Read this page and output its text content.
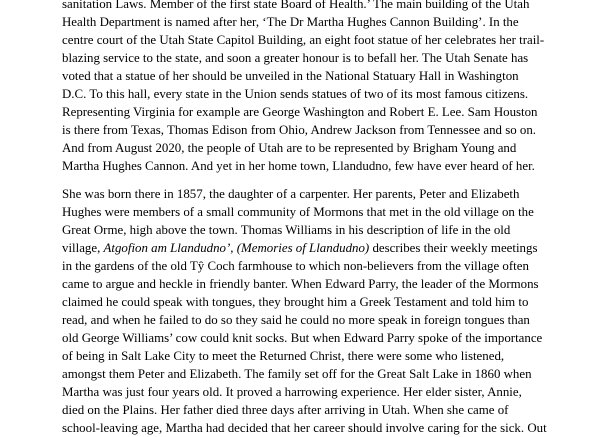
sanitation Laws. Member of the first state Board of Health.’ The main building of the Utah
Health Department is named after her, ‘The Dr Martha Hughes Cannon Building’. In the
centre court of the Utah State Capitol Building, an eight foot statue of her celebrates her trail-
blazing service to the state, and soon a greater honour is to befall her. The Utah Senate has
voted that a statue of her should be unveiled in the National Statuary Hall in Washington
D.C. To this hall, every state in the Union sends statues of two of its most famous citizens.
Representing Virginia for example are George Washington and Robert E. Lee. Sam Houston
is there from Texas, Thomas Edison from Ohio, Andrew Jackson from Tennessee and so on.
And from August 2020, the people of Utah are to be represented by Brigham Young and
Martha Hughes Cannon. And yet in her home town, Llandudno, few have ever heard of her.

She was born there in 1857, the daughter of a carpenter. Her parents, Peter and Elizabeth
Hughes were members of a small community of Mormons that met in the old village on the
Great Orme, high above the town. Thomas Williams in his description of life in the old
village, Atgofion am Llandudno’, (Memories of Llandudno) describes their weekly meetings
in the gardens of the old Tŷ Coch farmhouse to which non-believers from the village often
came to argue and heckle in friendly banter. When Edward Parry, the leader of the Mormons
claimed he could speak with tongues, they brought him a Greek Testament and told him to
read, and when he failed to do so they said he could no more speak in foreign tongues than
old George Williams’ cow could knit socks. But when Edward Parry spoke of the importance
of being in Salt Lake City to meet the Returned Christ, there were some who listened,
amongst them Peter and Elizabeth. The family set off for the Great Salt Lake in 1860 when
Martha was just four years old. It proved a harrowing experience. Her elder sister, Annie,
died on the Plains. Her father died three days after arriving in Utah. When she came of
school-leaving age, Martha had decided that her career should involve caring for the sick. Out
